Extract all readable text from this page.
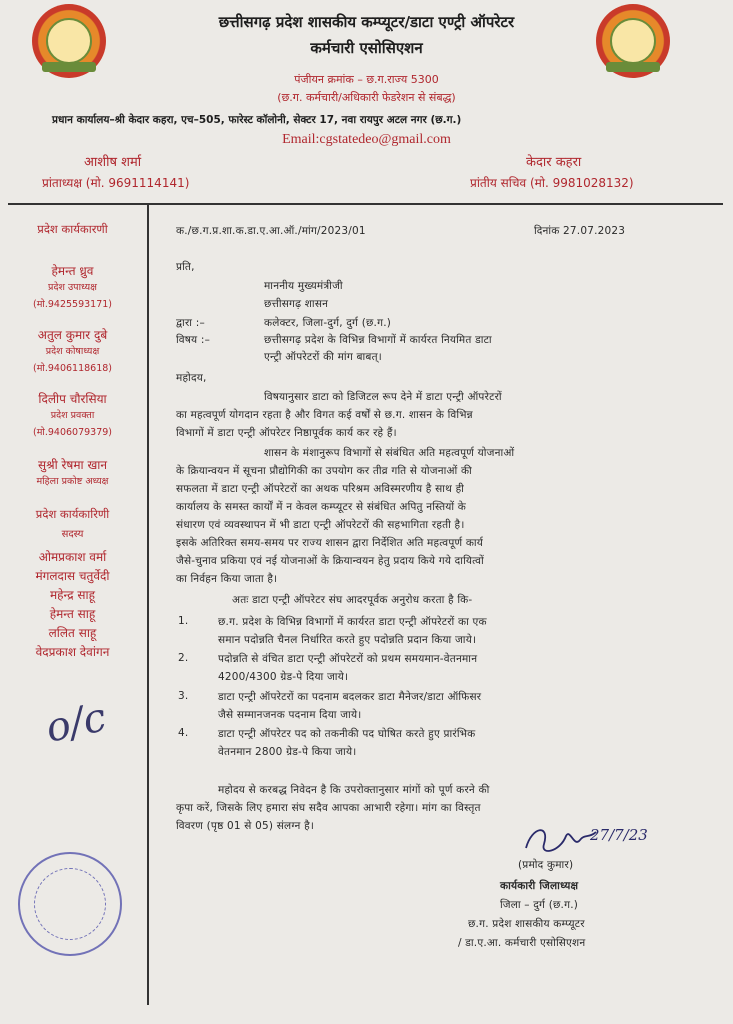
छत्तीसगढ़ प्रदेश शासकीय कम्प्यूटर/डाटा एण्ट्री ऑपरेटर
कर्मचारी एसोसिएशन
पंजीयन क्रमांक – छ.ग.राज्य 5300
(छ.ग. कर्मचारी/अधिकारी फेडरेशन से संबद्ध)
प्रधान कार्यालय–श्री केदार कहरा, एच–505, फारेस्ट कॉलोनी, सेक्टर 17, नवा रायपुर अटल नगर (छ.ग.)
Email:cgstatedeo@gmail.com
आशीष शर्मा
प्रांताध्यक्ष (मो. 9691114141)
केदार कहरा
प्रांतीय सचिव (मो. 9981028132)
प्रदेश कार्यकारणी
हेमन्त ध्रुव
प्रदेश उपाध्यक्ष
(मो.9425593171)
अतुल कुमार दुबे
प्रदेश कोषाध्यक्ष
(मो.9406118618)
दिलीप चौरसिया
प्रदेश प्रवक्ता
(मो.9406079379)
सुश्री रेषमा खान
महिला प्रकोष्ट अध्यक्ष
प्रदेश कार्यकारिणी
सदस्य
ओमप्रकाश वर्मा
मंगलदास चतुर्वेदी
महेन्द्र साहू
हेमन्त साहू
ललित साहू
वेदप्रकाश देवांगन
o/c
क./छ.ग.प्र.शा.क.डा.ए.आ.ऑ./मांग/2023/01	दिनांक 27.07.2023
प्रति,
माननीय मुख्यमंत्रीजी
छत्तीसगढ़ शासन
द्वारा :–	कलेक्टर, जिला-दुर्ग, दुर्ग (छ.ग.)
विषय :–	छत्तीसगढ़ प्रदेश के विभिन्न विभागों में कार्यरत नियमित डाटा
एन्ट्री ऑपरेटरों की मांग बाबत्।
महोदय,
विषयानुसार डाटा को डिजिटल रूप देने में डाटा एन्ट्री ऑपरेटरों
का महत्वपूर्ण योगदान रहता है और विगत कई वर्षों से छ.ग. शासन के विभिन्न
विभागों में डाटा एन्ट्री ऑपरेटर निष्ठापूर्वक कार्य कर रहे हैं।
शासन के मंशानुरूप विभागों से संबंधित अति महत्वपूर्ण योजनाओं
के क्रियान्वयन में सूचना प्रौद्योगिकी का उपयोग कर तीव्र गति से योजनाओं की
सफलता में डाटा एन्ट्री ऑपरेटरों का अथक परिश्रम अविस्मरणीय है साथ ही
कार्यालय के समस्त कार्यों में न केवल कम्प्यूटर से संबंधित अपितु नस्तियों के
संधारण एवं व्यवस्थापन में भी डाटा एन्ट्री ऑपरेटरों की सहभागिता रहती है।
इसके अतिरिक्त समय-समय पर राज्य शासन द्वारा निर्देशित अति महत्वपूर्ण कार्य
जैसे-चुनाव प्रकिया एवं नई योजनाओं के क्रियान्वयन हेतु प्रदाय किये गये दायित्वों
का निर्वहन किया जाता है।
अतः डाटा एन्ट्री ऑपरेटर संघ आदरपूर्वक अनुरोध करता है कि-
1.	छ.ग. प्रदेश के विभिन्न विभागों में कार्यरत डाटा एन्ट्री ऑपरेटरों का एक
समान पदोन्नति चैनल निर्धारित करते हुए पदोन्नति प्रदान किया जाये।
2.	पदोन्नति से वंचित डाटा एन्ट्री ऑपरेटरों को प्रथम समयमान-वेतनमान
4200/4300 ग्रेड-पे दिया जाये।
3.	डाटा एन्ट्री ऑपरेटरों का पदनाम बदलकर डाटा मैनेजर/डाटा ऑफिसर
जैसे सम्मानजनक पदनाम दिया जाये।
4.	डाटा एन्ट्री ऑपरेटर पद को तकनीकी पद घोषित करते हुए प्रारंभिक
वेतनमान 2800 ग्रेड-पे किया जाये।
महोदय से करबद्ध निवेदन है कि उपरोक्तानुसार मांगों को पूर्ण करने की
कृपा करें, जिसके लिए हमारा संघ सदैव आपका आभारी रहेगा। मांग का विस्तृत
विवरण (पृष्ठ 01 से 05) संलग्न है।	27/7/23
(प्रमोद कुमार)
कार्यकारी जिलाध्यक्ष
जिला – दुर्ग (छ.ग.)
छ.ग. प्रदेश शासकीय कम्प्यूटर
/ डा.ए.आ. कर्मचारी एसोसिएशन
